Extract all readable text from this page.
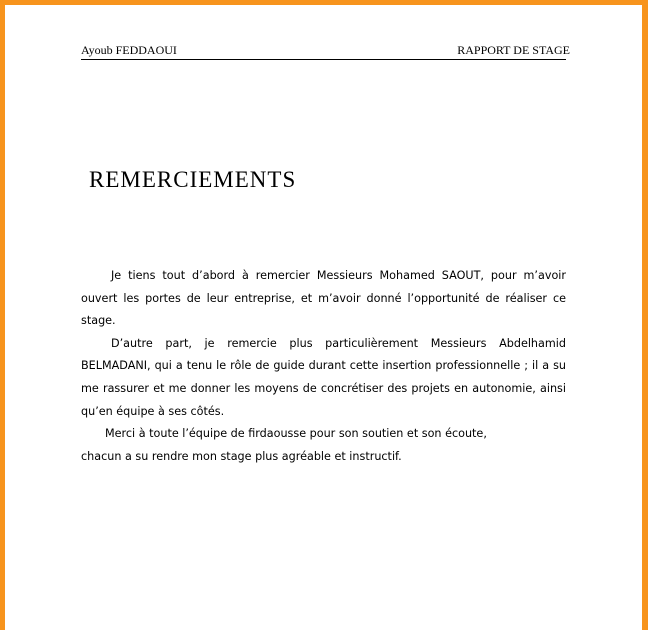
Ayoub FEDDAOUI	RAPPORT DE STAGE
REMERCIEMENTS

Je tiens tout d’abord à remercier Messieurs Mohamed SAOUT, pour m’avoir ouvert les portes de leur entreprise, et m’avoir donné l’opportunité de réaliser ce stage.

D’autre part, je remercie plus particulièrement Messieurs Abdelhamid BELMADANI, qui a tenu le rôle de guide durant cette insertion professionnelle ; il a su me rassurer et me donner les moyens de concrétiser des projets en autonomie, ainsi qu’en équipe à ses côtés.

Merci à toute l’équipe de firdaousse pour son soutien et son écoute,
chacun a su rendre mon stage plus agréable et instructif.
